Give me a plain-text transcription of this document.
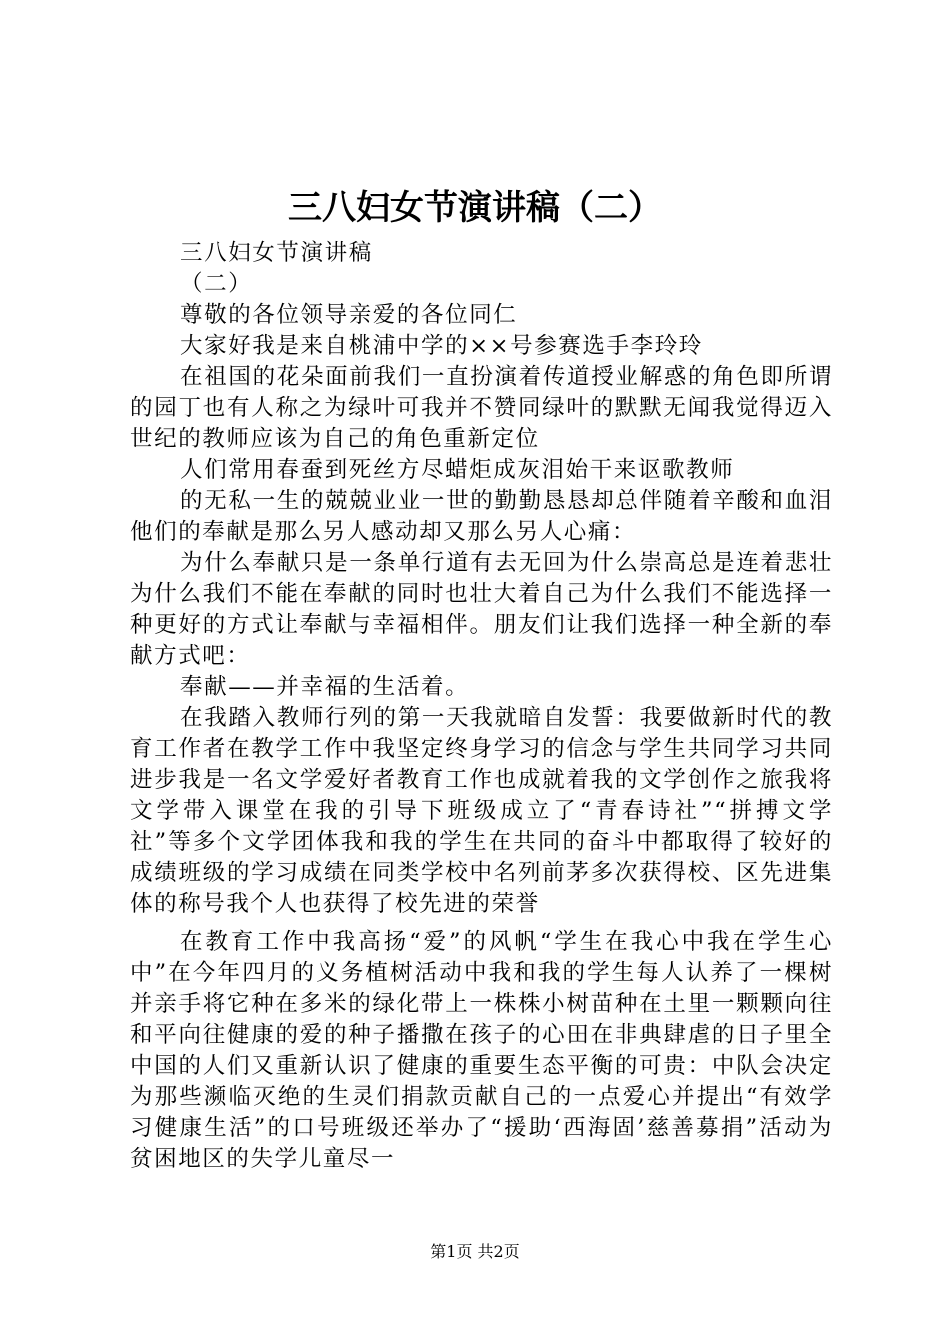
三八妇女节演讲稿（二）

三八妇女节演讲稿

（二）

尊敬的各位领导亲爱的各位同仁

大家好我是来自桃浦中学的××号参赛选手李玲玲

在祖国的花朵面前我们一直扮演着传道授业解惑的角色即所谓的园丁也有人称之为绿叶可我并不赞同绿叶的默默无闻我觉得迈入世纪的教师应该为自己的角色重新定位

人们常用春蚕到死丝方尽蜡炬成灰泪始干来讴歌教师

的无私一生的兢兢业业一世的勤勤恳恳却总伴随着辛酸和血泪他们的奉献是那么另人感动却又那么另人心痛：

为什么奉献只是一条单行道有去无回为什么崇高总是连着悲壮为什么我们不能在奉献的同时也壮大着自己为什么我们不能选择一种更好的方式让奉献与幸福相伴。朋友们让我们选择一种全新的奉献方式吧：

奉献——并幸福的生活着。

在我踏入教师行列的第一天我就暗自发誓：我要做新时代的教育工作者在教学工作中我坚定终身学习的信念与学生共同学习共同进步我是一名文学爱好者教育工作也成就着我的文学创作之旅我将文学带入课堂在我的引导下班级成立了“青春诗社”“拼搏文学社”等多个文学团体我和我的学生在共同的奋斗中都取得了较好的成绩班级的学习成绩在同类学校中名列前茅多次获得校、区先进集体的称号我个人也获得了校先进的荣誉

在教育工作中我高扬“爱”的风帆“学生在我心中我在学生心中”在今年四月的义务植树活动中我和我的学生每人认养了一棵树并亲手将它种在多米的绿化带上一株株小树苗种在土里一颗颗向往和平向往健康的爱的种子播撒在孩子的心田在非典肆虐的日子里全中国的人们又重新认识了健康的重要生态平衡的可贵：中队会决定为那些濒临灭绝的生灵们捐款贡献自己的一点爱心并提出“有效学习健康生活”的口号班级还举办了“援助‘西海固’慈善募捐”活动为贫困地区的失学儿童尽一

第1页 共2页
